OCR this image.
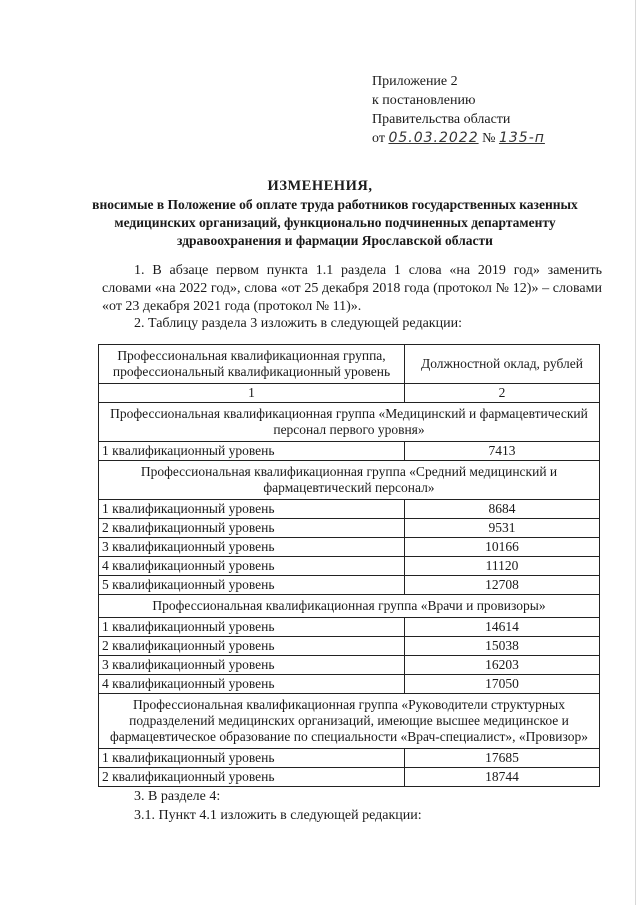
Приложение 2
к постановлению
Правительства области
от 05.03.2022 № 135-п
ИЗМЕНЕНИЯ,
вносимые в Положение об оплате труда работников государственных казенных медицинских организаций, функционально подчиненных департаменту здравоохранения и фармации Ярославской области
1. В абзаце первом пункта 1.1 раздела 1 слова «на 2019 год» заменить словами «на 2022 год», слова «от 25 декабря 2018 года (протокол № 12)» – словами «от 23 декабря 2021 года (протокол № 11)».
2. Таблицу раздела 3 изложить в следующей редакции:
Профессиональная квалификационная группа, профессиональный квалификационный уровень	Должностной оклад, рублей
1	2
Профессиональная квалификационная группа «Медицинский и фармацевтический персонал первого уровня»	
1 квалификационный уровень	7413
Профессиональная квалификационная группа «Средний медицинский и фармацевтический персонал»	
1 квалификационный уровень	8684
2 квалификационный уровень	9531
3 квалификационный уровень	10166
4 квалификационный уровень	11120
5 квалификационный уровень	12708
Профессиональная квалификационная группа «Врачи и провизоры»	
1 квалификационный уровень	14614
2 квалификационный уровень	15038
3 квалификационный уровень	16203
4 квалификационный уровень	17050
Профессиональная квалификационная группа «Руководители структурных подразделений медицинских организаций, имеющие высшее медицинское и фармацевтическое образование по специальности «Врач-специалист», «Провизор»	
1 квалификационный уровень	17685
2 квалификационный уровень	18744
3. В разделе 4:
3.1. Пункт 4.1 изложить в следующей редакции:
